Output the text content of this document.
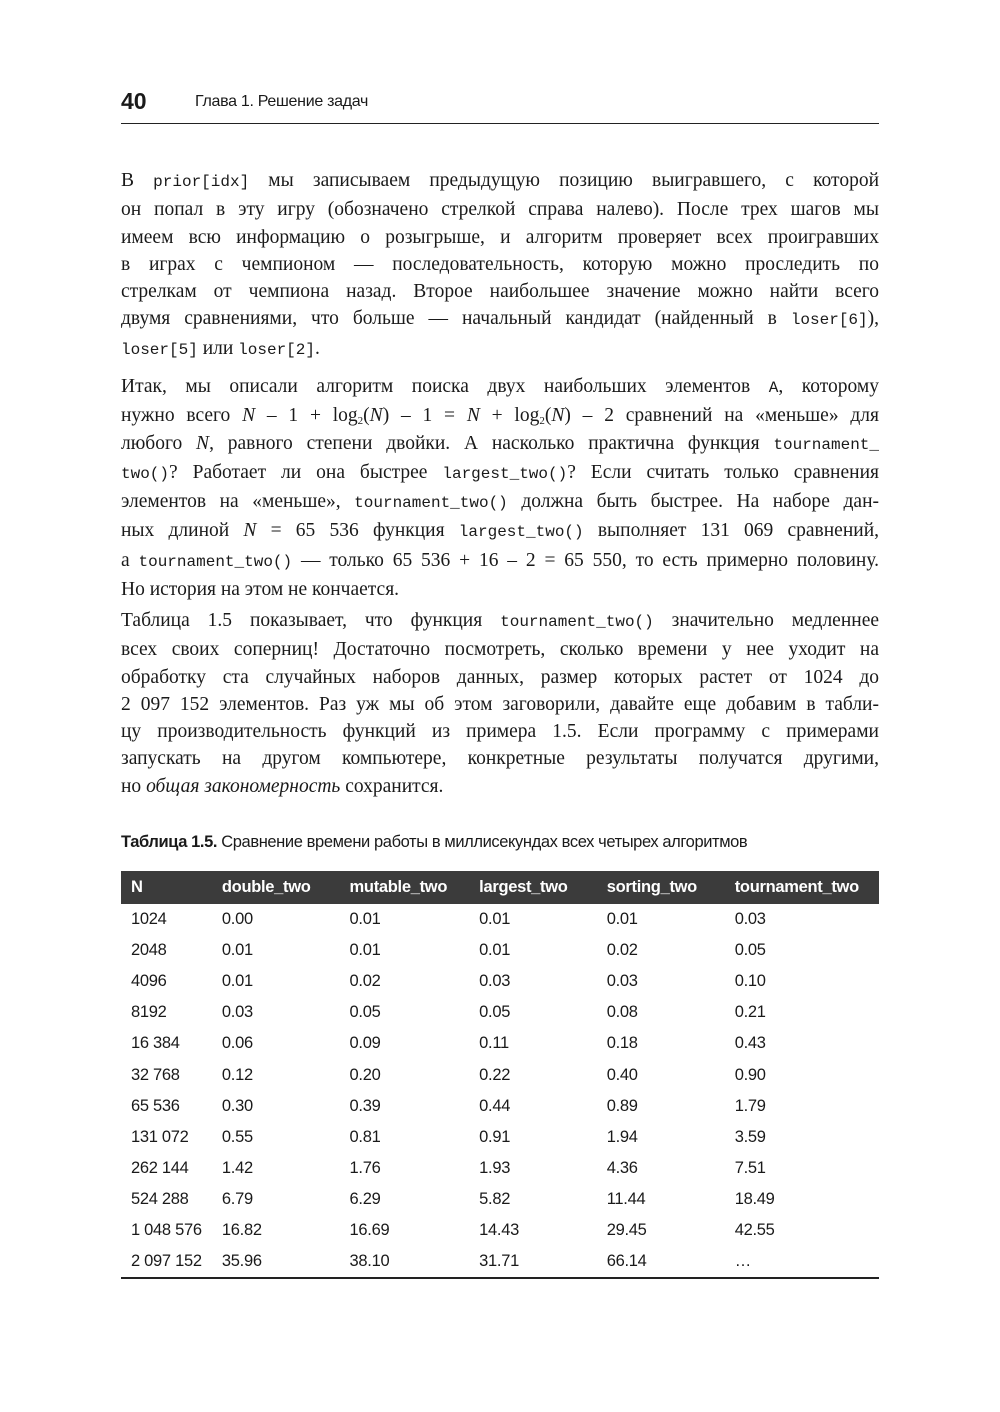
40	Глава 1. Решение задач
В prior[idx] мы записываем предыдущую позицию выигравшего, с которой
он попал в эту игру (обозначено стрелкой справа налево). После трех шагов мы
имеем всю информацию о розыгрыше, и алгоритм проверяет всех проигравших
в играх с чемпионом — последовательность, которую можно проследить по
стрелкам от чемпиона назад. Второе наибольшее значение можно найти всего
двумя сравнениями, что больше — начальный кандидат (найденный в loser[6]),
loser[5] или loser[2].
Итак, мы описали алгоритм поиска двух наибольших элементов A, которому
нужно всего $N - 1 + \log_2(N) - 1 = N + \log_2(N) - 2$ сравнений на «меньше» для
любого N, равного степени двойки. А насколько практична функция tournament_
two()? Работает ли она быстрее largest_two()? Если считать только сравнения
элементов на «меньше», tournament_two() должна быть быстрее. На наборе дан-
ных длиной N = 65 536 функция largest_two() выполняет 131 069 сравнений,
а tournament_two() — только 65 536 + 16 – 2 = 65 550, то есть примерно половину.
Но история на этом не кончается.
Таблица 1.5 показывает, что функция tournament_two() значительно медленнее
всех своих соперниц! Достаточно посмотреть, сколько времени у нее уходит на
обработку ста случайных наборов данных, размер которых растет от 1024 до
2 097 152 элементов. Раз уж мы об этом заговорили, давайте еще добавим в табли-
цу производительность функций из примера 1.5. Если программу с примерами
запускать на другом компьютере, конкретные результаты получатся другими,
но общая закономерность сохранится.
Таблица 1.5. Сравнение времени работы в миллисекундах всех четырех алгоритмов
N	double_two	mutable_two	largest_two	sorting_two	tournament_two
1024	0.00	0.01	0.01	0.01	0.03
2048	0.01	0.01	0.01	0.02	0.05
4096	0.01	0.02	0.03	0.03	0.10
8192	0.03	0.05	0.05	0.08	0.21
16 384	0.06	0.09	0.11	0.18	0.43
32 768	0.12	0.20	0.22	0.40	0.90
65 536	0.30	0.39	0.44	0.89	1.79
131 072	0.55	0.81	0.91	1.94	3.59
262 144	1.42	1.76	1.93	4.36	7.51
524 288	6.79	6.29	5.82	11.44	18.49
1 048 576	16.82	16.69	14.43	29.45	42.55
2 097 152	35.96	38.10	31.71	66.14	…
